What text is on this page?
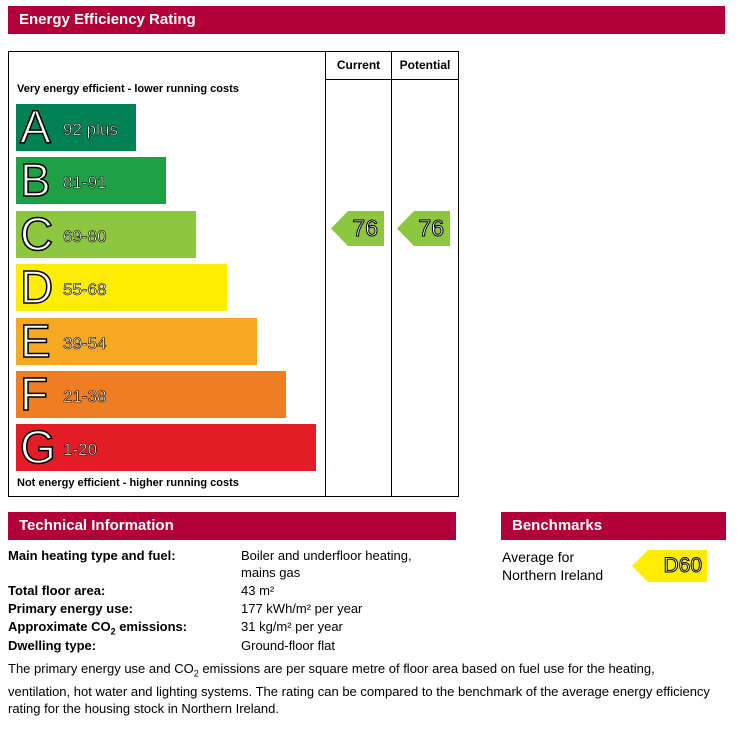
Energy Efficiency Rating
Current	Potential
Very energy efficient - lower running costs
Not energy efficient - higher running costs
A 92 plus
B 81-91
C 69-80
D 55-68
E 39-54
F 21-38
G 1-20
76 76
Technical Information
Main heating type and fuel:	Boiler and underfloor heating,
mains gas
Total floor area:	43 m²
Primary energy use:	177 kWh/m² per year
Approximate $CO_2$ emissions:	31 kg/m² per year
Dwelling type:	Ground-floor flat
Benchmarks
Average for
Northern Ireland	D60
The primary energy use and $CO_2$ emissions are per square metre of floor area based on fuel use for the heating, ventilation, hot water and lighting systems. The rating can be compared to the benchmark of the average energy efficiency rating for the housing stock in Northern Ireland.
